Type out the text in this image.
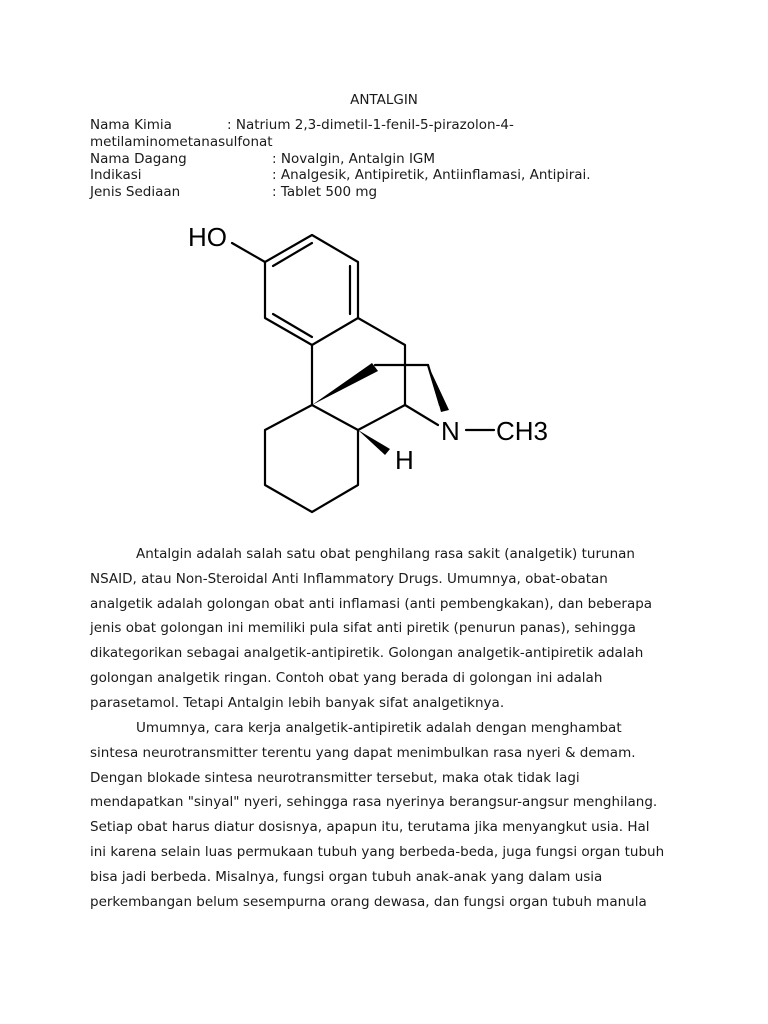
ANTALGIN
Nama Kimia	: Natrium 2,3-dimetil-1-fenil-5-pirazolon-4-
metilaminometanasulfonat
Nama Dagang	: Novalgin, Antalgin IGM
Indikasi	: Analgesik, Antipiretik, Antiinflamasi, Antipirai.
Jenis Sediaan	: Tablet 500 mg
HO
N CH3
H
Antalgin adalah salah satu obat penghilang rasa sakit (analgetik) turunan
NSAID, atau Non-Steroidal Anti Inflammatory Drugs. Umumnya, obat-obatan
analgetik adalah golongan obat anti inflamasi (anti pembengkakan), dan beberapa
jenis obat golongan ini memiliki pula sifat anti piretik (penurun panas), sehingga
dikategorikan sebagai analgetik-antipiretik. Golongan analgetik-antipiretik adalah
golongan analgetik ringan. Contoh obat yang berada di golongan ini adalah
parasetamol. Tetapi Antalgin lebih banyak sifat analgetiknya.
Umumnya, cara kerja analgetik-antipiretik adalah dengan menghambat
sintesa neurotransmitter terentu yang dapat menimbulkan rasa nyeri & demam.
Dengan blokade sintesa neurotransmitter tersebut, maka otak tidak lagi
mendapatkan "sinyal" nyeri, sehingga rasa nyerinya berangsur-angsur menghilang.
Setiap obat harus diatur dosisnya, apapun itu, terutama jika menyangkut usia. Hal
ini karena selain luas permukaan tubuh yang berbeda-beda, juga fungsi organ tubuh
bisa jadi berbeda. Misalnya, fungsi organ tubuh anak-anak yang dalam usia
perkembangan belum sesempurna orang dewasa, dan fungsi organ tubuh manula
